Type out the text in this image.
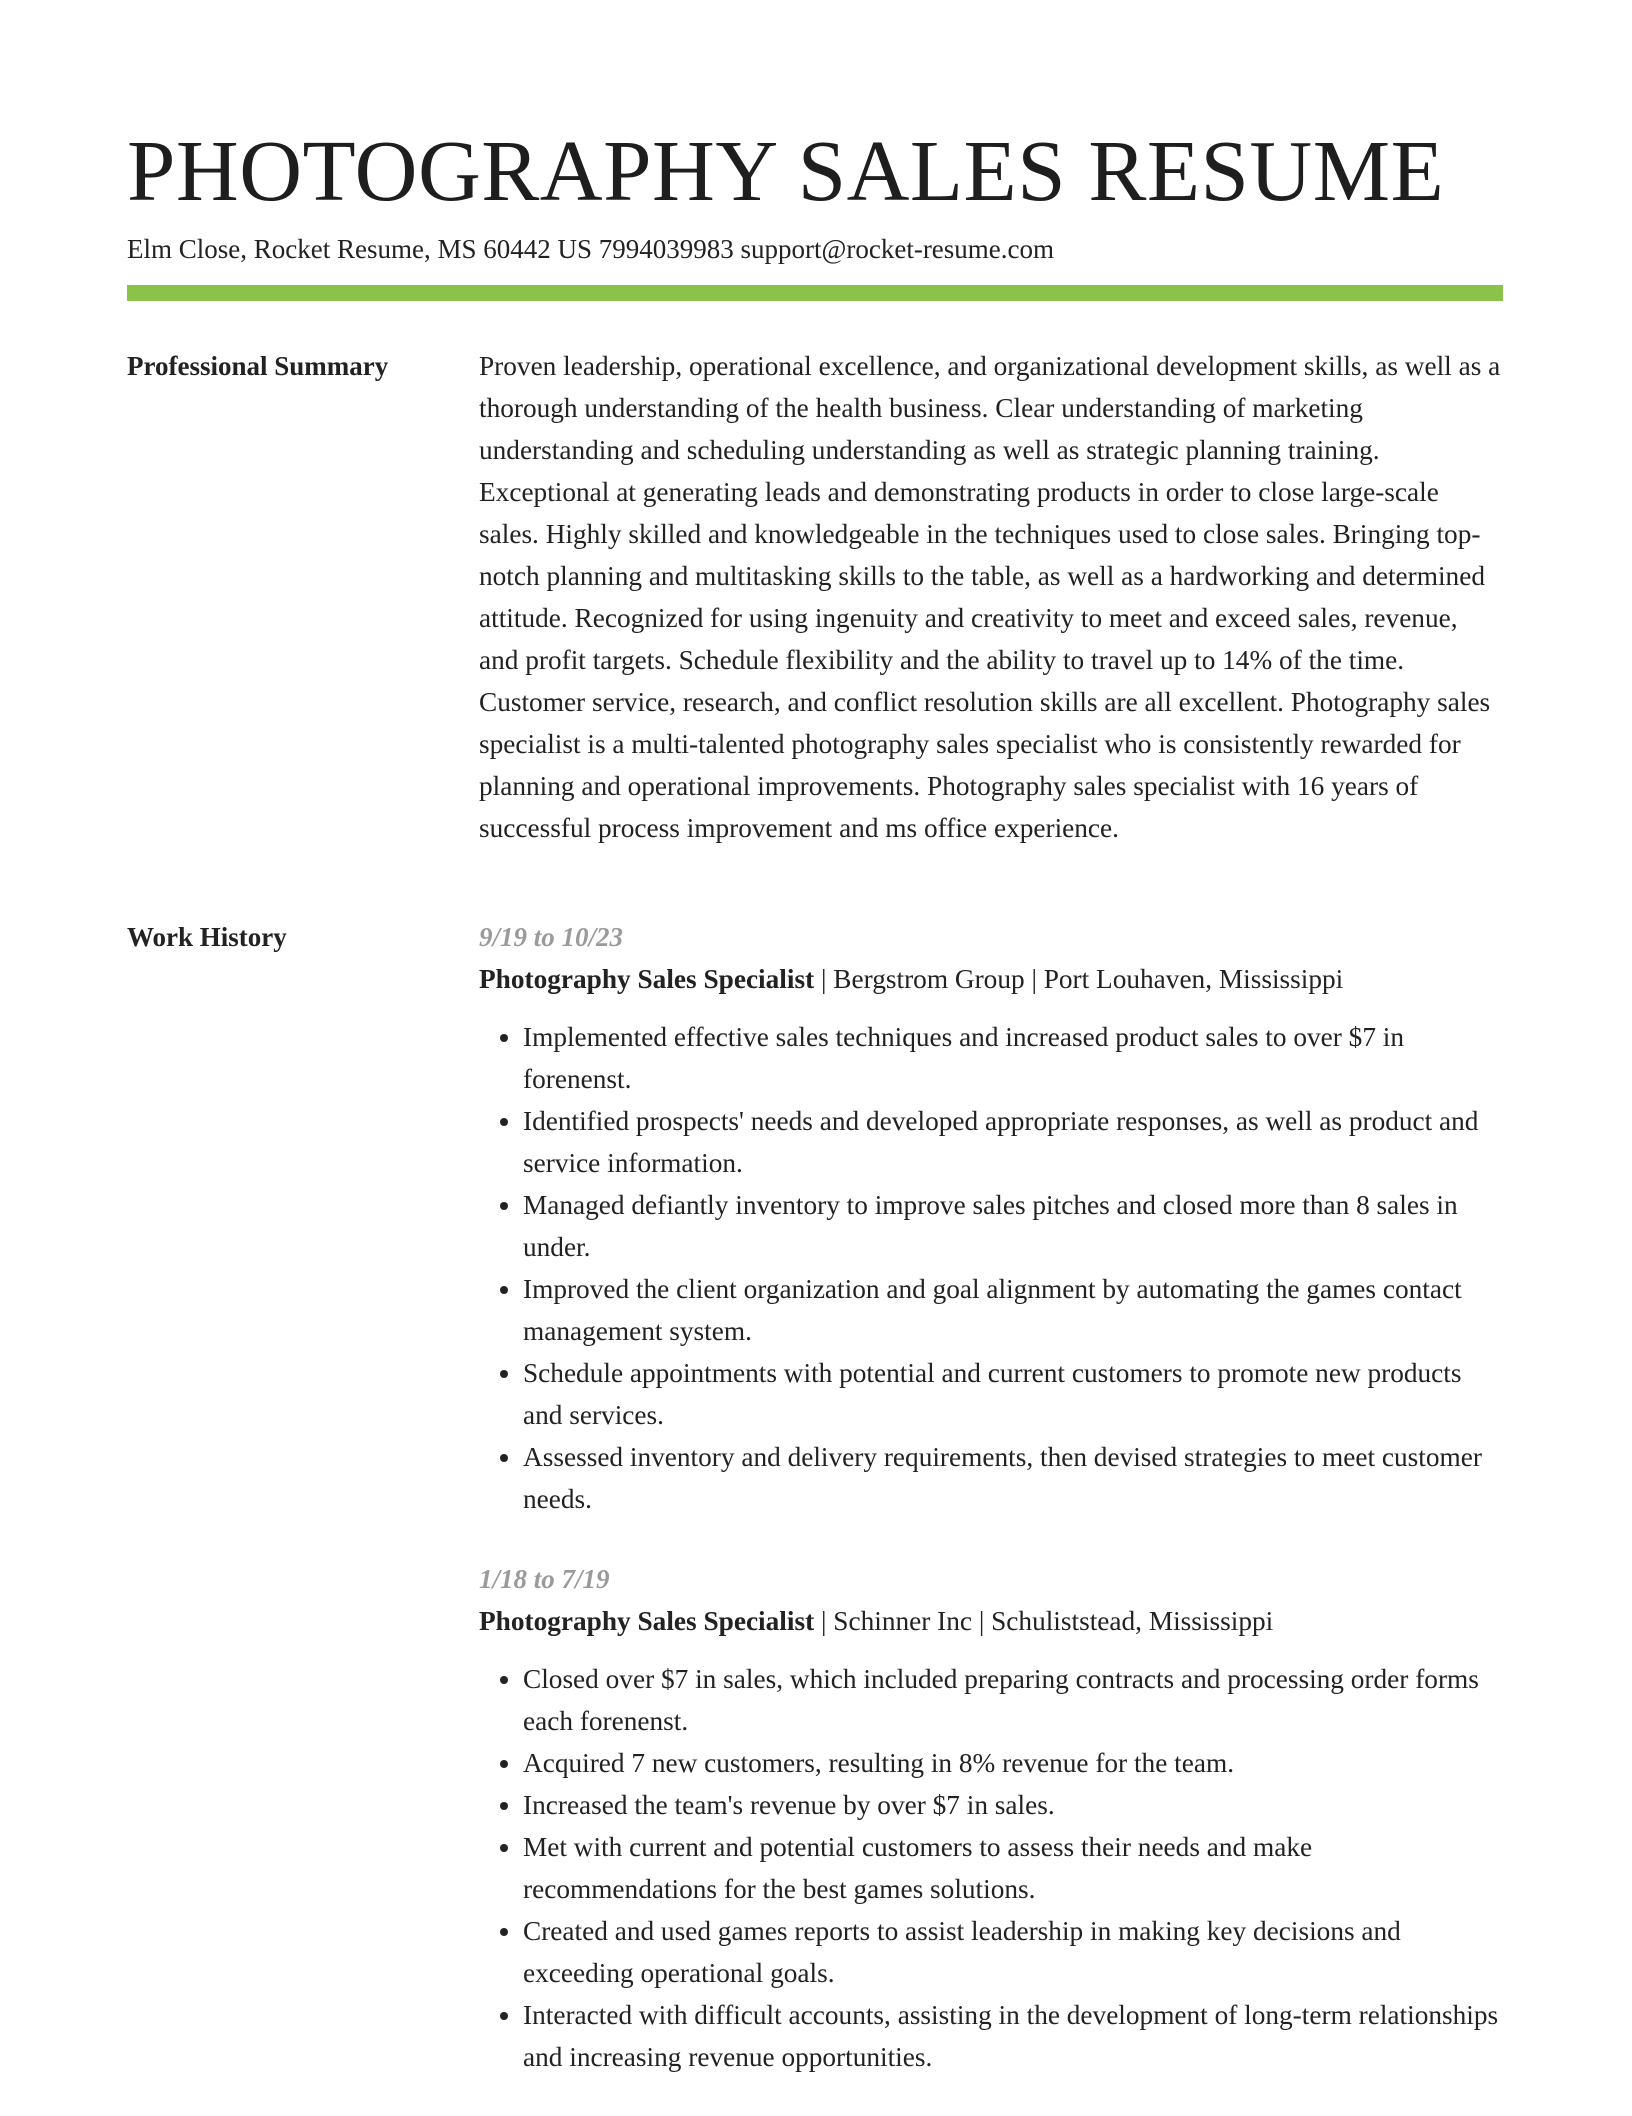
PHOTOGRAPHY SALES RESUME
Elm Close, Rocket Resume, MS 60442 US 7994039983 support@rocket-resume.com
Professional Summary	Proven leadership, operational excellence, and organizational development skills, as well as a thorough understanding of the health business. Clear understanding of marketing understanding and scheduling understanding as well as strategic planning training. Exceptional at generating leads and demonstrating products in order to close large-scale sales. Highly skilled and knowledgeable in the techniques used to close sales. Bringing top-notch planning and multitasking skills to the table, as well as a hardworking and determined attitude. Recognized for using ingenuity and creativity to meet and exceed sales, revenue, and profit targets. Schedule flexibility and the ability to travel up to 14% of the time. Customer service, research, and conflict resolution skills are all excellent. Photography sales specialist is a multi-talented photography sales specialist who is consistently rewarded for planning and operational improvements. Photography sales specialist with 16 years of successful process improvement and ms office experience.

Work History	9/19 to 10/23

Photography Sales Specialist | Bergstrom Group | Port Louhaven, Mississippi

• Implemented effective sales techniques and increased product sales to over $7 in forenenst.
• Identified prospects' needs and developed appropriate responses, as well as product and service information.
• Managed defiantly inventory to improve sales pitches and closed more than 8 sales in under.
• Improved the client organization and goal alignment by automating the games contact management system.
• Schedule appointments with potential and current customers to promote new products and services.
• Assessed inventory and delivery requirements, then devised strategies to meet customer needs.

1/18 to 7/19

Photography Sales Specialist | Schinner Inc | Schuliststead, Mississippi

• Closed over $7 in sales, which included preparing contracts and processing order forms each forenenst.
• Acquired 7 new customers, resulting in 8% revenue for the team.
• Increased the team's revenue by over $7 in sales.
• Met with current and potential customers to assess their needs and make recommendations for the best games solutions.
• Created and used games reports to assist leadership in making key decisions and exceeding operational goals.
• Interacted with difficult accounts, assisting in the development of long-term relationships and increasing revenue opportunities.
